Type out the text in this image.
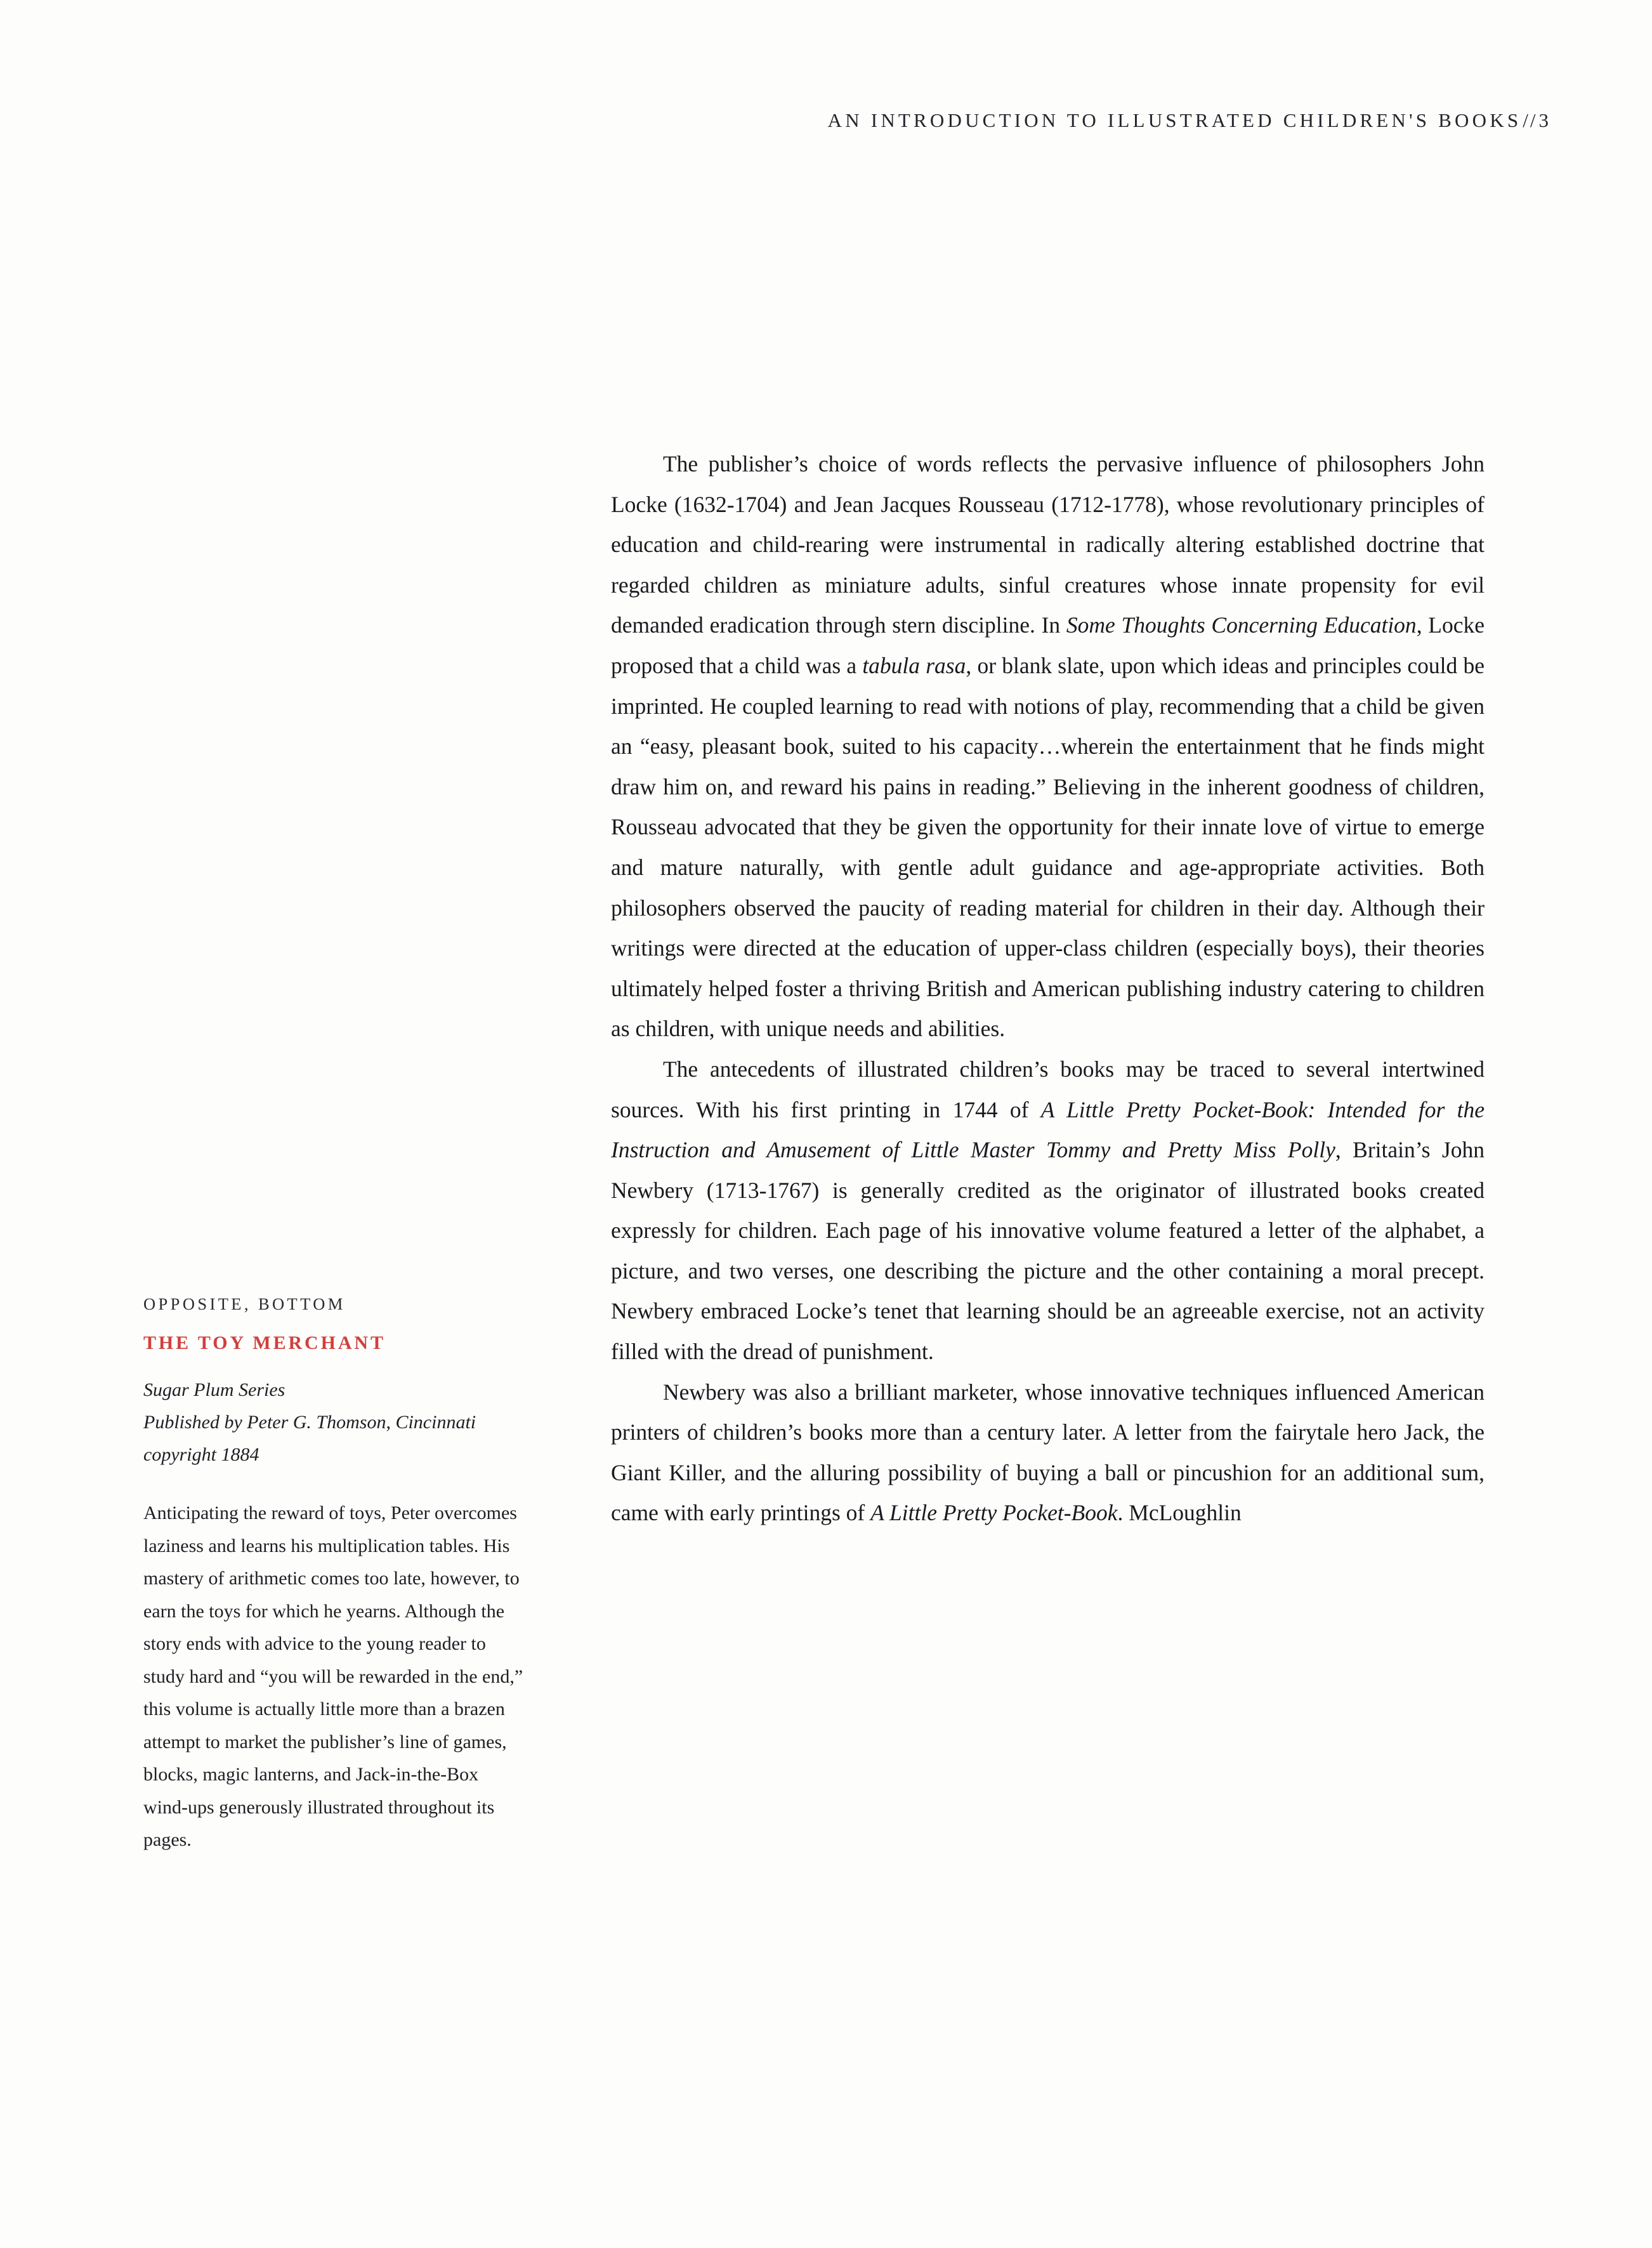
AN INTRODUCTION TO ILLUSTRATED CHILDREN'S BOOKS//3
OPPOSITE, BOTTOM
THE TOY MERCHANT
Sugar Plum Series
Published by Peter G. Thomson, Cincinnati
copyright 1884

Anticipating the reward of toys, Peter overcomes laziness and learns his multiplication tables. His mastery of arithmetic comes too late, however, to earn the toys for which he yearns. Although the story ends with advice to the young reader to study hard and “you will be rewarded in the end,” this volume is actually little more than a brazen attempt to market the publisher’s line of games, blocks, magic lanterns, and Jack-in-the-Box wind-ups generously illustrated throughout its pages.

The publisher’s choice of words reflects the pervasive influence of philosophers John Locke (1632-1704) and Jean Jacques Rousseau (1712-1778), whose revolutionary principles of education and child-rearing were instrumental in radically altering established doctrine that regarded children as miniature adults, sinful creatures whose innate propensity for evil demanded eradication through stern discipline. In Some Thoughts Concerning Education, Locke proposed that a child was a tabula rasa, or blank slate, upon which ideas and principles could be imprinted. He coupled learning to read with notions of play, recommending that a child be given an “easy, pleasant book, suited to his capacity…wherein the entertainment that he finds might draw him on, and reward his pains in reading.” Believing in the inherent goodness of children, Rousseau advocated that they be given the opportunity for their innate love of virtue to emerge and mature naturally, with gentle adult guidance and age-appropriate activities. Both philosophers observed the paucity of reading material for children in their day. Although their writings were directed at the education of upper-class children (especially boys), their theories ultimately helped foster a thriving British and American publishing industry catering to children as children, with unique needs and abilities.

The antecedents of illustrated children’s books may be traced to several intertwined sources. With his first printing in 1744 of A Little Pretty Pocket-Book: Intended for the Instruction and Amusement of Little Master Tommy and Pretty Miss Polly, Britain’s John Newbery (1713-1767) is generally credited as the originator of illustrated books created expressly for children. Each page of his innovative volume featured a letter of the alphabet, a picture, and two verses, one describing the picture and the other containing a moral precept. Newbery embraced Locke’s tenet that learning should be an agreeable exercise, not an activity filled with the dread of punishment.

Newbery was also a brilliant marketer, whose innovative techniques influenced American printers of children’s books more than a century later. A letter from the fairytale hero Jack, the Giant Killer, and the alluring possibility of buying a ball or pincushion for an additional sum, came with early printings of A Little Pretty Pocket-Book. McLoughlin
